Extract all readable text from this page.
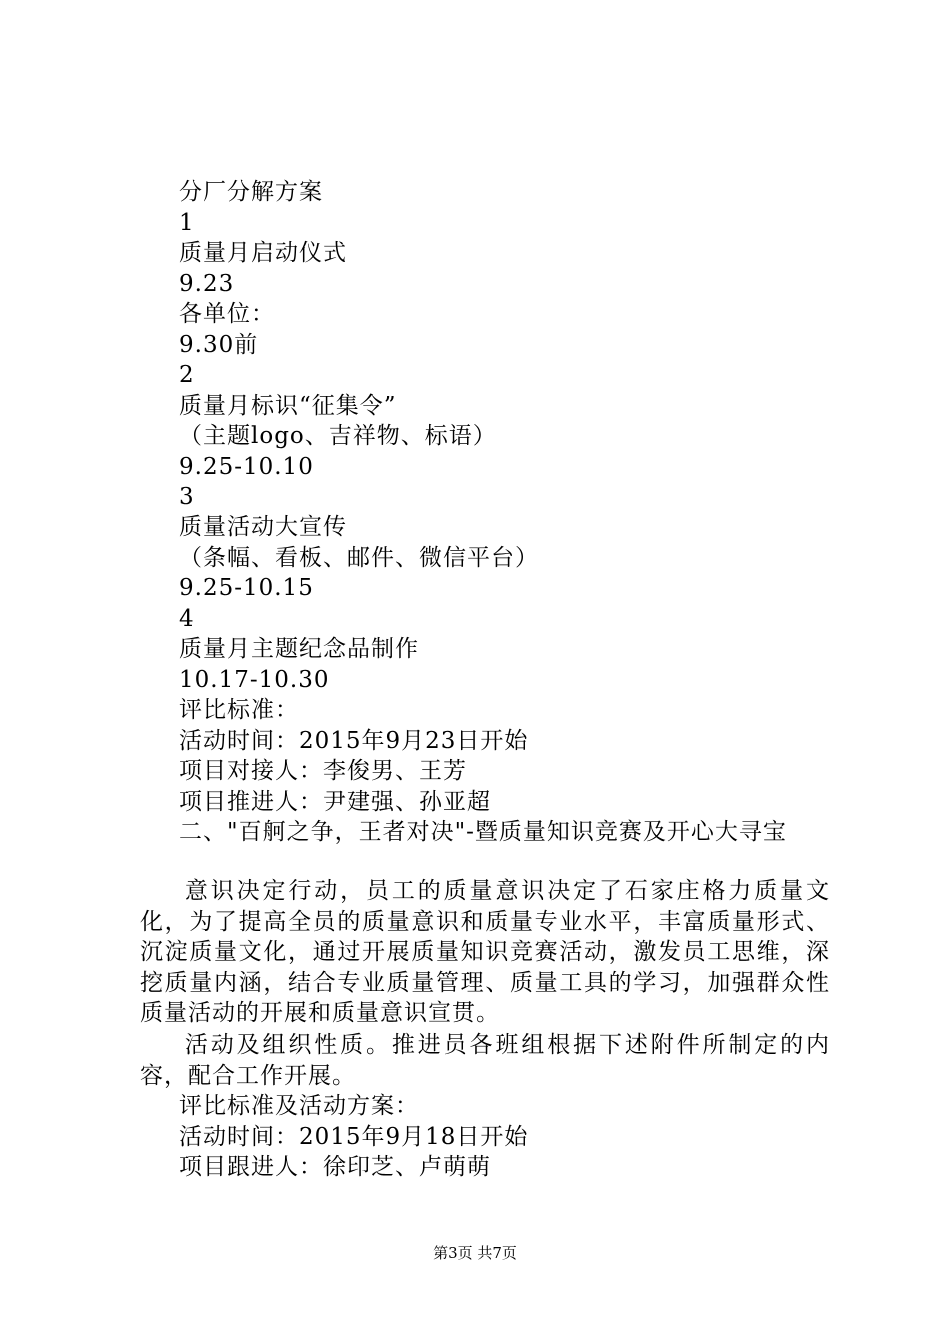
分厂分解方案
1
质量月启动仪式
9.23
各单位：
9.30前
2
质量月标识“征集令”
（主题logo、吉祥物、标语）
9.25-10.10
3
质量活动大宣传
（条幅、看板、邮件、微信平台）
9.25-10.15
4
质量月主题纪念品制作
10.17-10.30
评比标准：
活动时间：2015年9月23日开始
项目对接人：李俊男、王芳
项目推进人：尹建强、孙亚超
二、"百舸之争，王者对决"-暨质量知识竞赛及开心大寻宝
意识决定行动，员工的质量意识决定了石家庄格力质量文化，为了提高全员的质量意识和质量专业水平，丰富质量形式、沉淀质量文化，通过开展质量知识竞赛活动，激发员工思维，深挖质量内涵，结合专业质量管理、质量工具的学习，加强群众性质量活动的开展和质量意识宣贯。
活动及组织性质。推进员各班组根据下述附件所制定的内容，配合工作开展。
评比标准及活动方案：
活动时间：2015年9月18日开始
项目跟进人：徐印芝、卢萌萌
第3页 共7页
